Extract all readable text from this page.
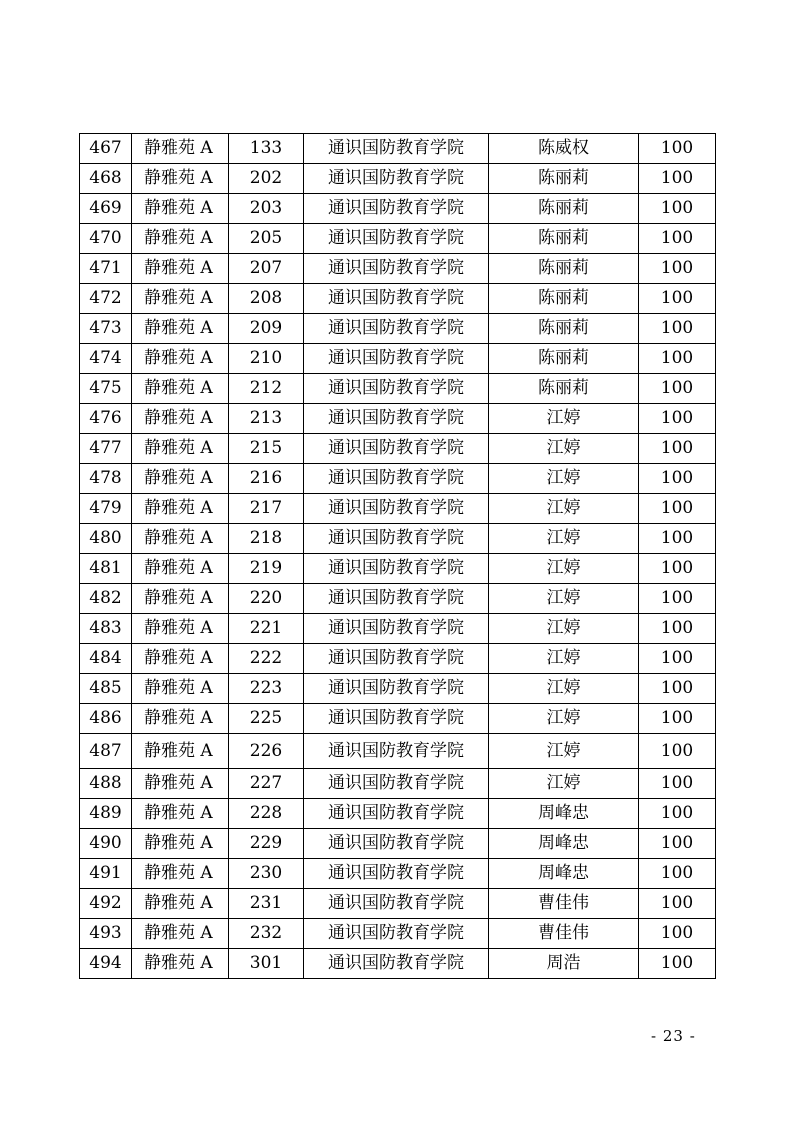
467	静雅苑 A	133	通识国防教育学院	陈威权	100
468	静雅苑 A	202	通识国防教育学院	陈丽莉	100
469	静雅苑 A	203	通识国防教育学院	陈丽莉	100
470	静雅苑 A	205	通识国防教育学院	陈丽莉	100
471	静雅苑 A	207	通识国防教育学院	陈丽莉	100
472	静雅苑 A	208	通识国防教育学院	陈丽莉	100
473	静雅苑 A	209	通识国防教育学院	陈丽莉	100
474	静雅苑 A	210	通识国防教育学院	陈丽莉	100
475	静雅苑 A	212	通识国防教育学院	陈丽莉	100
476	静雅苑 A	213	通识国防教育学院	江婷	100
477	静雅苑 A	215	通识国防教育学院	江婷	100
478	静雅苑 A	216	通识国防教育学院	江婷	100
479	静雅苑 A	217	通识国防教育学院	江婷	100
480	静雅苑 A	218	通识国防教育学院	江婷	100
481	静雅苑 A	219	通识国防教育学院	江婷	100
482	静雅苑 A	220	通识国防教育学院	江婷	100
483	静雅苑 A	221	通识国防教育学院	江婷	100
484	静雅苑 A	222	通识国防教育学院	江婷	100
485	静雅苑 A	223	通识国防教育学院	江婷	100
486	静雅苑 A	225	通识国防教育学院	江婷	100
487	静雅苑 A	226	通识国防教育学院	江婷	100
488	静雅苑 A	227	通识国防教育学院	江婷	100
489	静雅苑 A	228	通识国防教育学院	周峰忠	100
490	静雅苑 A	229	通识国防教育学院	周峰忠	100
491	静雅苑 A	230	通识国防教育学院	周峰忠	100
492	静雅苑 A	231	通识国防教育学院	曹佳伟	100
493	静雅苑 A	232	通识国防教育学院	曹佳伟	100
494	静雅苑 A	301	通识国防教育学院	周浩	100
- 23 -
